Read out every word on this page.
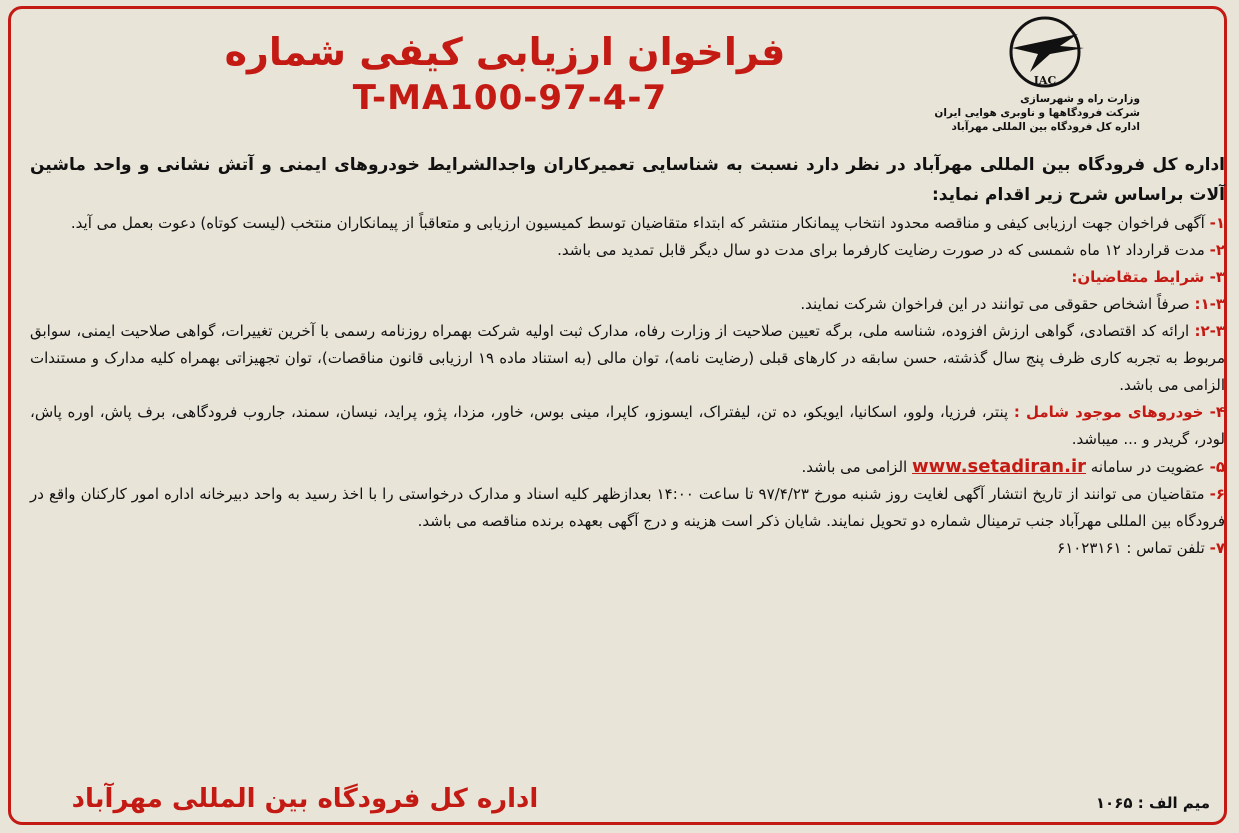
IAC
وزارت راه و شهرسازی
شرکت فرودگاهها و ناوبری هوایی ایران
اداره کل فرودگاه بین المللی مهرآباد
فراخوان ارزیابی کیفی شماره
T-MA100-97-4-7

اداره کل فرودگاه بین المللی مهرآباد در نظر دارد نسبت به شناسایی تعمیرکاران واجدالشرایط خودروهای ایمنی و آتش نشانی و واحد ماشین آلات براساس شرح زیر اقدام نماید:

۱- آگهی فراخوان جهت ارزیابی کیفی و مناقصه محدود انتخاب پیمانکار منتشر که ابتداء متقاضیان توسط کمیسیون ارزیابی و متعاقباً از پیمانکاران منتخب (لیست کوتاه) دعوت بعمل می آید.

۲- مدت قرارداد ۱۲ ماه شمسی که در صورت رضایت کارفرما برای مدت دو سال دیگر قابل تمدید می باشد.

۳- شرایط متقاضیان:

۱-۳: صرفاً اشخاص حقوقی می توانند در این فراخوان شرکت نمایند.

۲-۳: ارائه کد اقتصادی، گواهی ارزش افزوده، شناسه ملی، برگه تعیین صلاحیت از وزارت رفاه، مدارک ثبت اولیه شرکت بهمراه روزنامه رسمی با آخرین تغییرات، گواهی صلاحیت ایمنی، سوابق مربوط به تجربه کاری ظرف پنج سال گذشته، حسن سابقه در کارهای قبلی (رضایت نامه)، توان مالی (به استناد ماده ۱۹ ارزیابی قانون مناقصات)، توان تجهیزاتی بهمراه کلیه مدارک و مستندات الزامی می باشد.

۴- خودروهای موجود شامل : پنتر، فرزیا، ولوو، اسکانیا، ایویکو، ده تن، لیفتراک، ایسوزو، کاپرا، مینی بوس، خاور، مزدا، پژو، پراید، نیسان، سمند، جاروب فرودگاهی، برف پاش، اوره پاش، لودر، گریدر و ... میباشد.

۵- عضویت در سامانه www.setadiran.ir الزامی می باشد.

۶- متقاضیان می توانند از تاریخ انتشار آگهی لغایت روز شنبه مورخ ۹۷/۴/۲۳ تا ساعت ۱۴:۰۰ بعدازظهر کلیه اسناد و مدارک درخواستی را با اخذ رسید به واحد دبیرخانه اداره امور کارکنان واقع در فرودگاه بین المللی مهرآباد جنب ترمینال شماره دو تحویل نمایند. شایان ذکر است هزینه و درج آگهی بعهده برنده مناقصه می باشد.

۷- تلفن تماس : ۶۱۰۲۳۱۶۱

اداره کل فرودگاه بین المللی مهرآباد	میم الف : ۱۰۶۵
